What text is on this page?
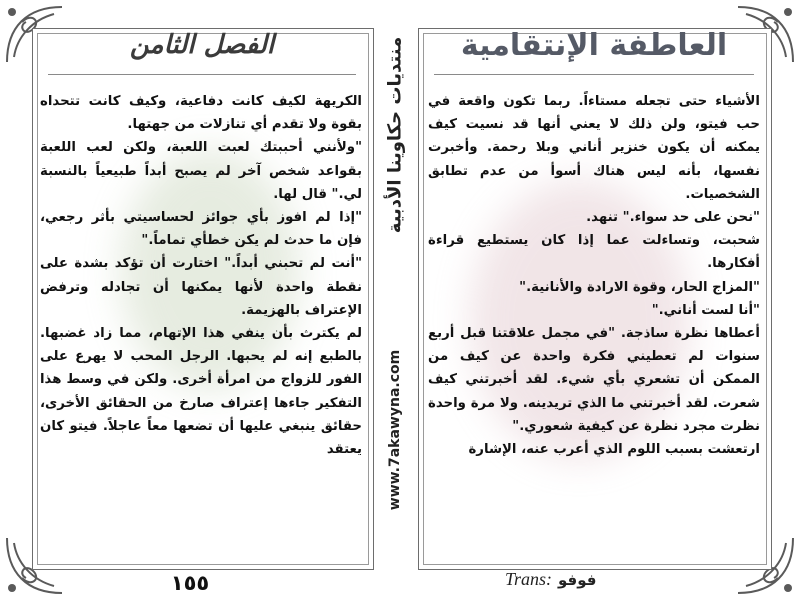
الفصل الثامن	العاطفة الإنتقامية

الكريهة لكيف كانت دفاعية، وكيف كانت تتحداه بقوة ولا تقدم أي تنازلات من جهتها.

"ولأنني أحببتك لعبت اللعبة، ولكن لعب اللعبة بقواعد شخص آخر لم يصبح أبداً طبيعياً بالنسبة لي." قال لها.

"إذا لم افوز بأي جوائز لحساسيتي بأثر رجعي، فإن ما حدث لم يكن خطأي تماماً."

"أنت لم تحبني أبداً." اختارت أن تؤكد بشدة على نقطة واحدة لأنها يمكنها أن تجادله وترفض الإعتراف بالهزيمة.

لم يكترث بأن ينفي هذا الإتهام، مما زاد غضبها. بالطبع إنه لم يحبها. الرجل المحب لا يهرع على الفور للزواج من امرأة أخرى. ولكن في وسط هذا التفكير جاءها إعتراف صارخ من الحقائق الأخرى، حقائق ينبغي عليها أن تضعها معاً عاجلاً. فيتو كان يعتقد

الأشياء حتى تجعله مستاءاً. ربما تكون واقعة في حب فيتو، ولن ذلك لا يعني أنها قد نسيت كيف يمكنه أن يكون خنزير أناني وبلا رحمة. وأخبرت نفسها، بأنه ليس هناك أسوأ من عدم تطابق الشخصيات.

"نحن على حد سواء." تنهد.

شحبت، وتساءلت عما إذا كان يستطيع قراءة أفكارها.

"المزاج الحار، وقوة الارادة والأنانية."

"أنا لست أناني."

أعطاها نظرة ساذجة. "في مجمل علاقتنا قبل أربع سنوات لم تعطيني فكرة واحدة عن كيف من الممكن أن تشعري بأي شيء. لقد أخبرتني كيف شعرت. لقد أخبرتني ما الذي تريدينه. ولا مرة واحدة نظرت مجرد نظرة عن كيفية شعوري."

ارتعشت بسبب اللوم الذي أعرب عنه، الإشارة

منتديات حكاوينا الأدبية
www.7akawyna.com
١٥٥	Trans: فوفو
